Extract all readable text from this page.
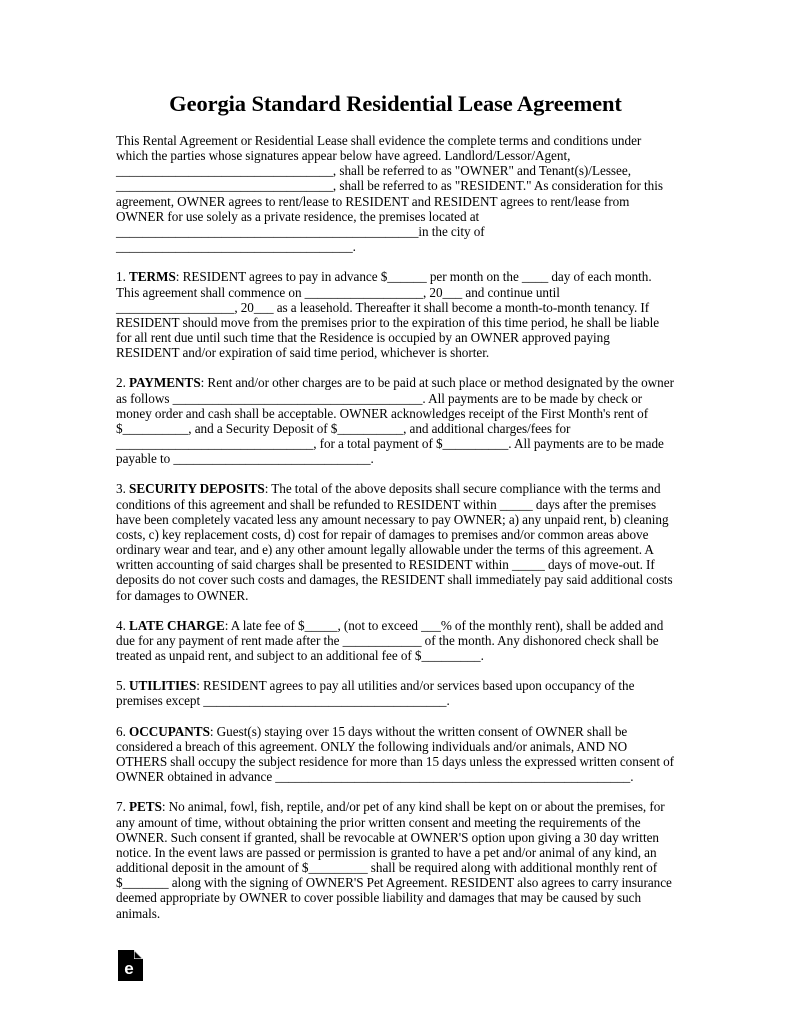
Georgia Standard Residential Lease Agreement

This Rental Agreement or Residential Lease shall evidence the complete terms and conditions under which the parties whose signatures appear below have agreed. Landlord/Lessor/Agent, _________________________________, shall be referred to as "OWNER" and Tenant(s)/Lessee, _________________________________, shall be referred to as "RESIDENT." As consideration for this agreement, OWNER agrees to rent/lease to RESIDENT and RESIDENT agrees to rent/lease from OWNER for use solely as a private residence, the premises located at ______________________________________________in the city of ____________________________________.

1. TERMS: RESIDENT agrees to pay in advance $______ per month on the ____ day of each month. This agreement shall commence on __________________, 20___ and continue until __________________, 20___ as a leasehold. Thereafter it shall become a month-to-month tenancy. If RESIDENT should move from the premises prior to the expiration of this time period, he shall be liable for all rent due until such time that the Residence is occupied by an OWNER approved paying RESIDENT and/or expiration of said time period, whichever is shorter.

2. PAYMENTS: Rent and/or other charges are to be paid at such place or method designated by the owner as follows ______________________________________. All payments are to be made by check or money order and cash shall be acceptable. OWNER acknowledges receipt of the First Month's rent of $__________, and a Security Deposit of $__________, and additional charges/fees for ______________________________, for a total payment of $__________. All payments are to be made payable to ______________________________.

3. SECURITY DEPOSITS: The total of the above deposits shall secure compliance with the terms and conditions of this agreement and shall be refunded to RESIDENT within _____ days after the premises have been completely vacated less any amount necessary to pay OWNER; a) any unpaid rent, b) cleaning costs, c) key replacement costs, d) cost for repair of damages to premises and/or common areas above ordinary wear and tear, and e) any other amount legally allowable under the terms of this agreement. A written accounting of said charges shall be presented to RESIDENT within _____ days of move-out. If deposits do not cover such costs and damages, the RESIDENT shall immediately pay said additional costs for damages to OWNER.

4. LATE CHARGE: A late fee of $_____, (not to exceed ___% of the monthly rent), shall be added and due for any payment of rent made after the ____________ of the month. Any dishonored check shall be treated as unpaid rent, and subject to an additional fee of $_________.

5. UTILITIES: RESIDENT agrees to pay all utilities and/or services based upon occupancy of the premises except _____________________________________.

6. OCCUPANTS: Guest(s) staying over 15 days without the written consent of OWNER shall be considered a breach of this agreement. ONLY the following individuals and/or animals, AND NO OTHERS shall occupy the subject residence for more than 15 days unless the expressed written consent of OWNER obtained in advance ______________________________________________________.

7. PETS: No animal, fowl, fish, reptile, and/or pet of any kind shall be kept on or about the premises, for any amount of time, without obtaining the prior written consent and meeting the requirements of the OWNER. Such consent if granted, shall be revocable at OWNER'S option upon giving a 30 day written notice. In the event laws are passed or permission is granted to have a pet and/or animal of any kind, an additional deposit in the amount of $_________ shall be required along with additional monthly rent of $_______ along with the signing of OWNER'S Pet Agreement. RESIDENT also agrees to carry insurance deemed appropriate by OWNER to cover possible liability and damages that may be caused by such animals.

e
